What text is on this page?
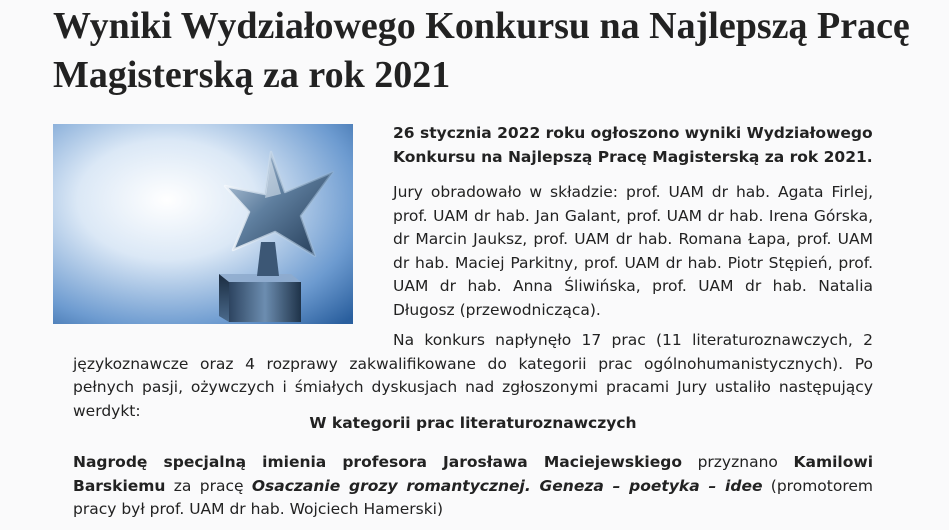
Wyniki Wydziałowego Konkursu na Najlepszą Pracę Magisterską za rok 2021

26 stycznia 2022 roku ogłoszono wyniki Wydziałowego Konkursu na Najlepszą Pracę Magisterską za rok 2021.

Jury obradowało w składzie: prof. UAM dr hab. Agata Firlej, prof. UAM dr hab. Jan Galant, prof. UAM dr hab. Irena Górska, dr Marcin Jauksz, prof. UAM dr hab. Romana Łapa, prof. UAM dr hab. Maciej Parkitny, prof. UAM dr hab. Piotr Stępień, prof. UAM dr hab. Anna Śliwińska, prof. UAM dr hab. Natalia Długosz (przewodnicząca).

Na konkurs napłynęło 17 prac (11 literaturoznawczych, 2 językoznawcze oraz 4 rozprawy zakwalifikowane do kategorii prac ogólnohumanistycznych). Po pełnych pasji, ożywczych i śmiałych dyskusjach nad zgłoszonymi pracami Jury ustaliło następujący werdykt:

W kategorii prac literaturoznawczych

Nagrodę specjalną imienia profesora Jarosława Maciejewskiego przyznano Kamilowi Barskiemu za pracę Osaczanie grozy romantycznej. Geneza – poetyka – idee (promotorem pracy był prof. UAM dr hab. Wojciech Hamerski)
